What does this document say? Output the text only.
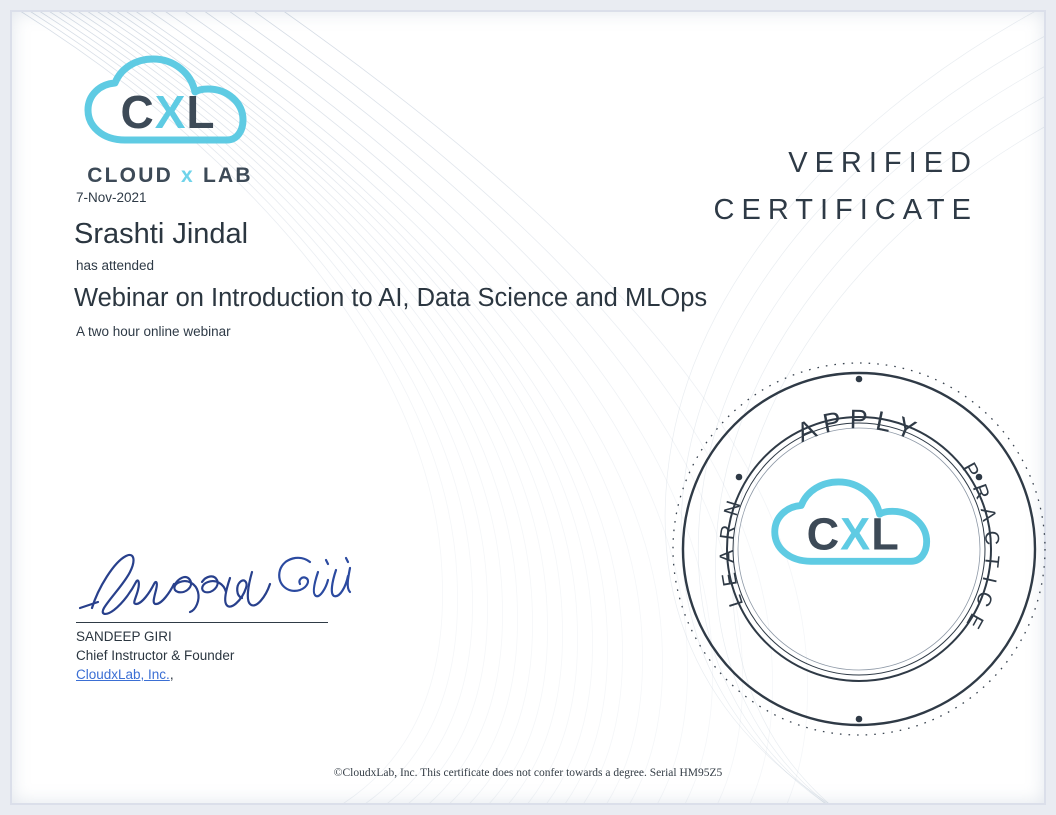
CXL
CLOUD x LAB	VERIFIED
CERTIFICATE
7-Nov-2021
Srashti Jindal
has attended
Webinar on Introduction to AI, Data Science and MLOps
A two hour online webinar
SANDEEP GIRI
Chief Instructor & Founder
CloudxLab, Inc.,
APPLY
PRACTICE
LEARN
CXL
©CloudxLab, Inc. This certificate does not confer towards a degree. Serial HM95Z5
